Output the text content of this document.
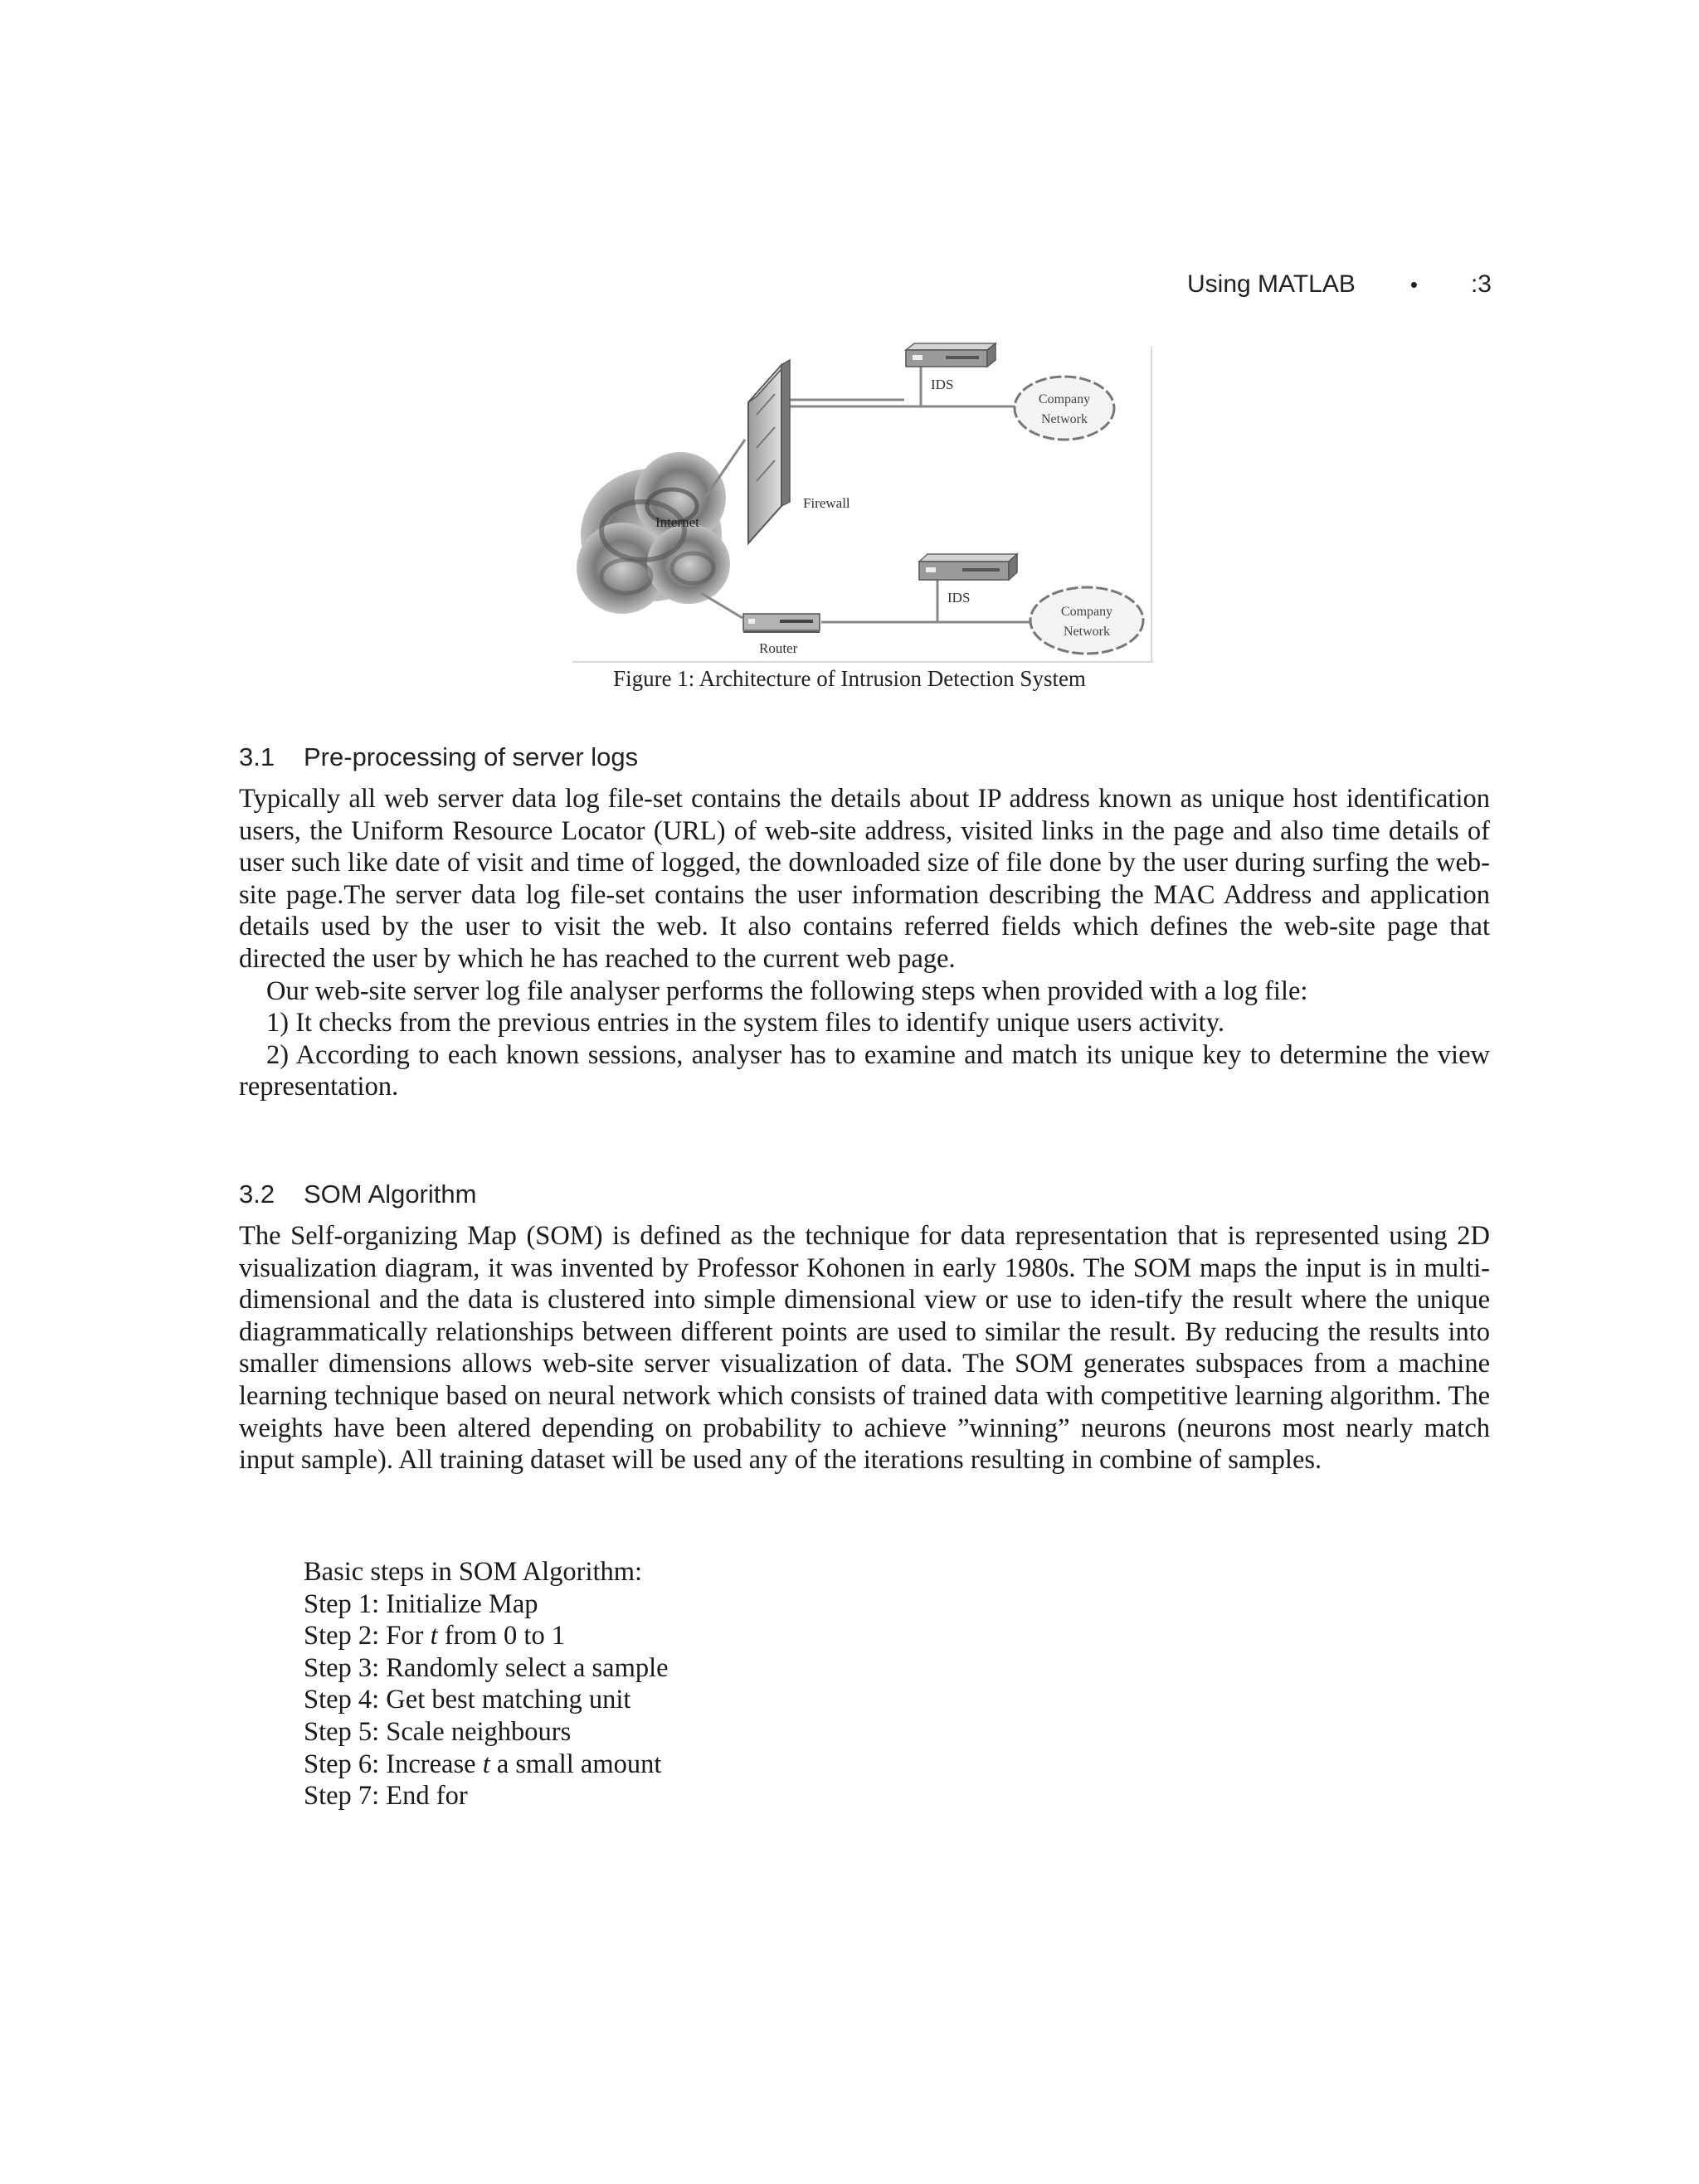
Using MATLAB	• :3
Internet
Firewall
IDS
Company
Network
IDS
Router
Company
Network
Figure 1: Architecture of Intrusion Detection System
3.1	Pre-processing of server logs

Typically all web server data log file-set contains the details about IP address known as unique host identification users, the Uniform Resource Locator (URL) of web-site address, visited links in the page and also time details of user such like date of visit and time of logged, the downloaded size of file done by the user during surfing the web-site page.The server data log file-set contains the user information describing the MAC Address and application details used by the user to visit the web. It also contains referred fields which defines the web-site page that directed the user by which he has reached to the current web page.

Our web-site server log file analyser performs the following steps when provided with a log file:

1) It checks from the previous entries in the system files to identify unique users activity.

2) According to each known sessions, analyser has to examine and match its unique key to determine the view representation.

3.2	SOM Algorithm

The Self-organizing Map (SOM) is defined as the technique for data representation that is represented using 2D visualization diagram, it was invented by Professor Kohonen in early 1980s. The SOM maps the input is in multi-dimensional and the data is clustered into simple dimensional view or use to iden-tify the result where the unique diagrammatically relationships between different points are used to similar the result. By reducing the results into smaller dimensions allows web-site server visualization of data. The SOM generates subspaces from a machine learning technique based on neural network which consists of trained data with competitive learning algorithm. The weights have been altered depending on probability to achieve ”winning” neurons (neurons most nearly match input sample). All training dataset will be used any of the iterations resulting in combine of samples.

Basic steps in SOM Algorithm:
Step 1: Initialize Map
Step 2: For t from 0 to 1
Step 3: Randomly select a sample
Step 4: Get best matching unit
Step 5: Scale neighbours
Step 6: Increase t a small amount
Step 7: End for
